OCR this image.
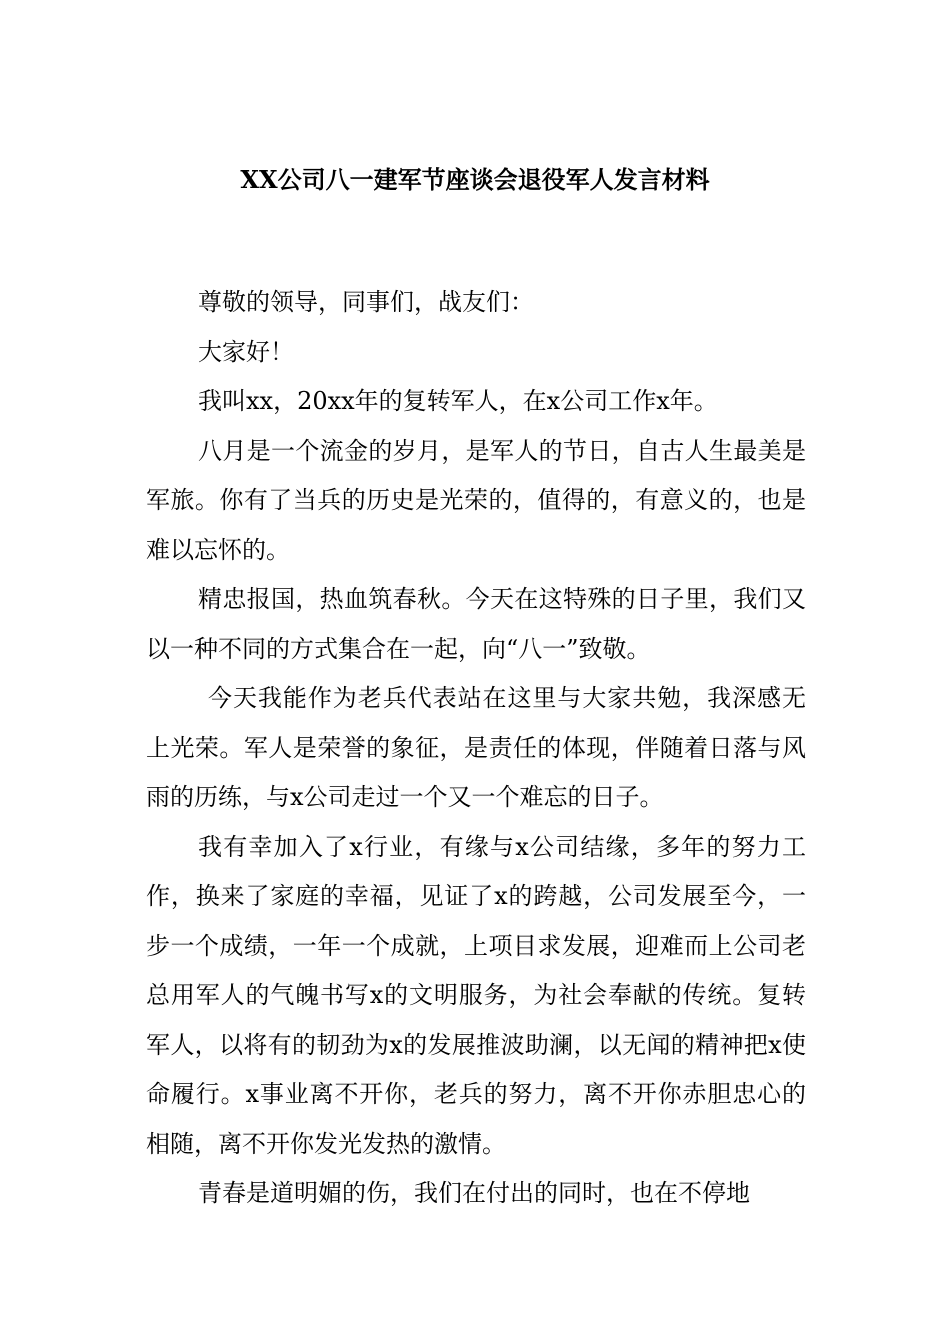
XX公司八一建军节座谈会退役军人发言材料

尊敬的领导，同事们，战友们：

大家好！

我叫xx，20xx年的复转军人，在x公司工作x年。

八月是一个流金的岁月，是军人的节日，自古人生最美是军旅。你有了当兵的历史是光荣的，值得的，有意义的，也是难以忘怀的。

精忠报国，热血筑春秋。今天在这特殊的日子里，我们又以一种不同的方式集合在一起，向“八一”致敬。

今天我能作为老兵代表站在这里与大家共勉，我深感无上光荣。军人是荣誉的象征，是责任的体现，伴随着日落与风雨的历练，与x公司走过一个又一个难忘的日子。

我有幸加入了x行业，有缘与x公司结缘，多年的努力工作，换来了家庭的幸福，见证了x的跨越，公司发展至今，一步一个成绩，一年一个成就，上项目求发展，迎难而上公司老总用军人的气魄书写x的文明服务，为社会奉献的传统。复转军人，以将有的韧劲为x的发展推波助澜，以无闻的精神把x使命履行。x事业离不开你，老兵的努力，离不开你赤胆忠心的相随，离不开你发光发热的激情。

青春是道明媚的伤，我们在付出的同时，也在不停地
